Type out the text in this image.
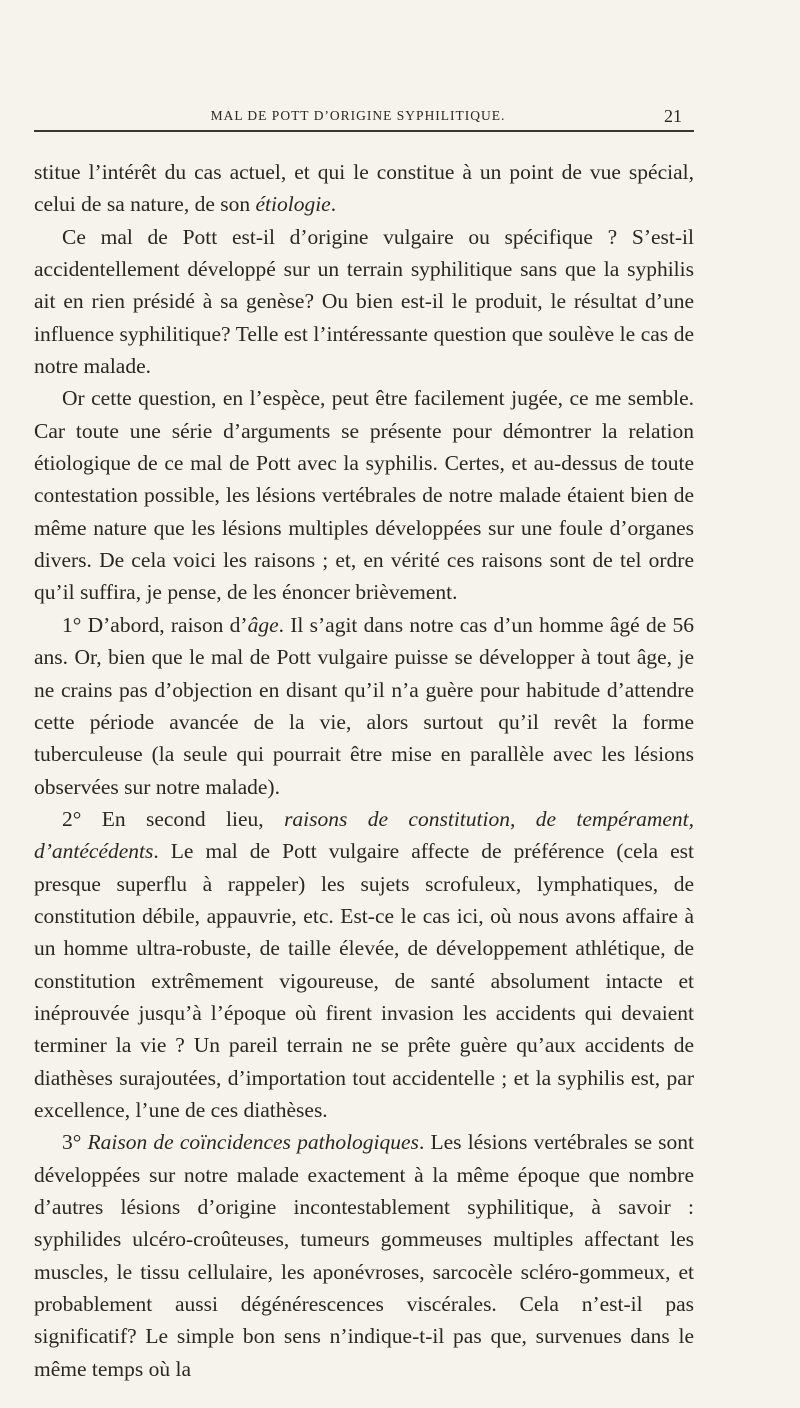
MAL DE POTT D’ORIGINE SYPHILITIQUE.	21

stitue l’intérêt du cas actuel, et qui le constitue à un point de vue spécial, celui de sa nature, de son étiologie.

Ce mal de Pott est-il d’origine vulgaire ou spécifique ? S’est-il accidentellement développé sur un terrain syphilitique sans que la syphilis ait en rien présidé à sa genèse? Ou bien est-il le produit, le résultat d’une influence syphilitique? Telle est l’intéressante question que soulève le cas de notre malade.

Or cette question, en l’espèce, peut être facilement jugée, ce me semble. Car toute une série d’arguments se présente pour démontrer la relation étiologique de ce mal de Pott avec la syphilis. Certes, et au-dessus de toute contestation possible, les lésions vertébrales de notre malade étaient bien de même nature que les lésions multiples développées sur une foule d’organes divers. De cela voici les raisons ; et, en vérité ces raisons sont de tel ordre qu’il suffira, je pense, de les énoncer brièvement.

1° D’abord, raison d’âge. Il s’agit dans notre cas d’un homme âgé de 56 ans. Or, bien que le mal de Pott vulgaire puisse se développer à tout âge, je ne crains pas d’objection en disant qu’il n’a guère pour habitude d’attendre cette période avancée de la vie, alors surtout qu’il revêt la forme tuberculeuse (la seule qui pourrait être mise en parallèle avec les lésions observées sur notre malade).

2° En second lieu, raisons de constitution, de tempérament, d’antécédents. Le mal de Pott vulgaire affecte de préférence (cela est presque superflu à rappeler) les sujets scrofuleux, lymphatiques, de constitution débile, appauvrie, etc. Est-ce le cas ici, où nous avons affaire à un homme ultra-robuste, de taille élevée, de développement athlétique, de constitution extrêmement vigoureuse, de santé absolument intacte et inéprouvée jusqu’à l’époque où firent invasion les accidents qui devaient terminer la vie ? Un pareil terrain ne se prête guère qu’aux accidents de diathèses surajoutées, d’importation tout accidentelle ; et la syphilis est, par excellence, l’une de ces diathèses.

3° Raison de coïncidences pathologiques. Les lésions vertébrales se sont développées sur notre malade exactement à la même époque que nombre d’autres lésions d’origine incontestablement syphilitique, à savoir : syphilides ulcéro-croûteuses, tumeurs gommeuses multiples affectant les muscles, le tissu cellulaire, les aponévroses, sarcocèle scléro-gommeux, et probablement aussi dégénérescences viscérales. Cela n’est-il pas significatif? Le simple bon sens n’indique-t-il pas que, survenues dans le même temps où la
